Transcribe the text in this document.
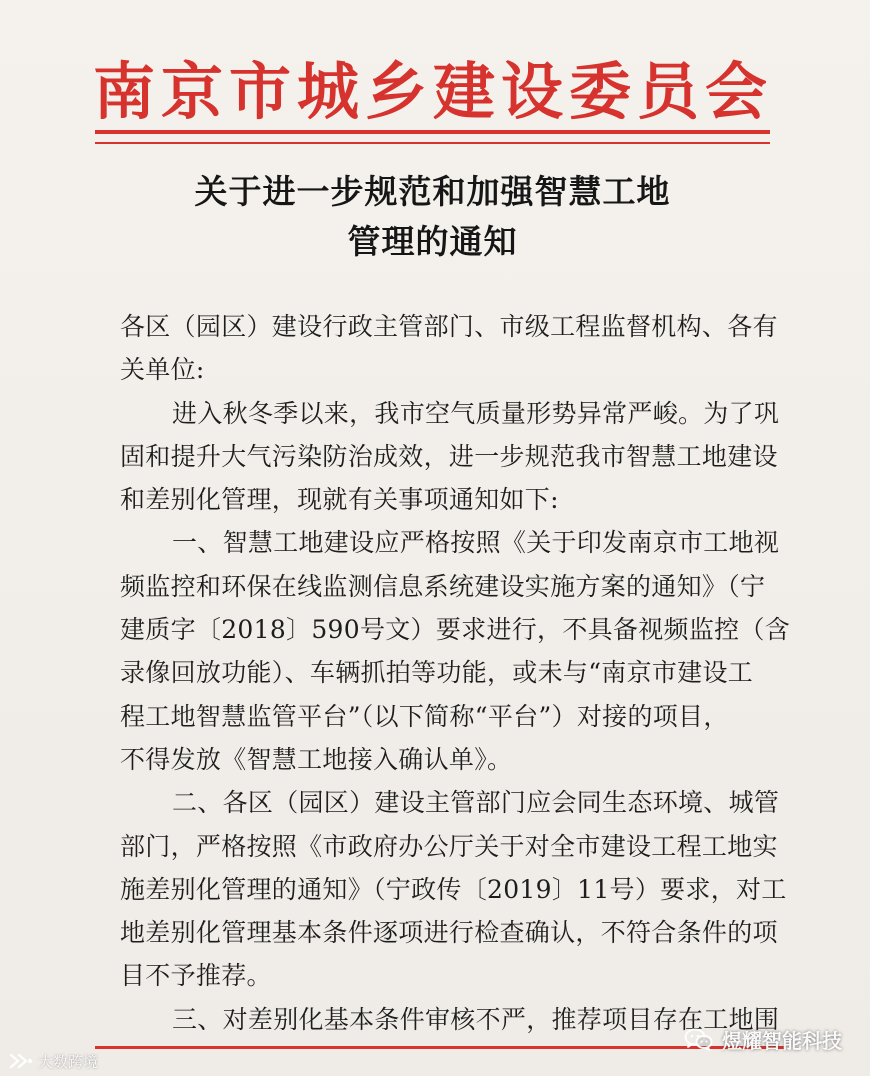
南京市城乡建设委员会
关于进一步规范和加强智慧工地
管理的通知
各区（园区）建设行政主管部门、市级工程监督机构、各有
关单位:
进入秋冬季以来，我市空气质量形势异常严峻。为了巩
固和提升大气污染防治成效，进一步规范我市智慧工地建设
和差别化管理，现就有关事项通知如下:
一、智慧工地建设应严格按照《关于印发南京市工地视
频监控和环保在线监测信息系统建设实施方案的通知》（宁
建质字〔2018〕590号文）要求进行，不具备视频监控（含
录像回放功能）、车辆抓拍等功能，或未与“南京市建设工
程工地智慧监管平台”（以下简称“平台”）对接的项目，
不得发放《智慧工地接入确认单》。
二、各区（园区）建设主管部门应会同生态环境、城管
部门，严格按照《市政府办公厅关于对全市建设工程工地实
施差别化管理的通知》（宁政传〔2019〕11号）要求，对工
地差别化管理基本条件逐项进行检查确认，不符合条件的项
目不予推荐。
三、对差别化基本条件审核不严，推荐项目存在工地围
大数跨境
煜耀智能科技
